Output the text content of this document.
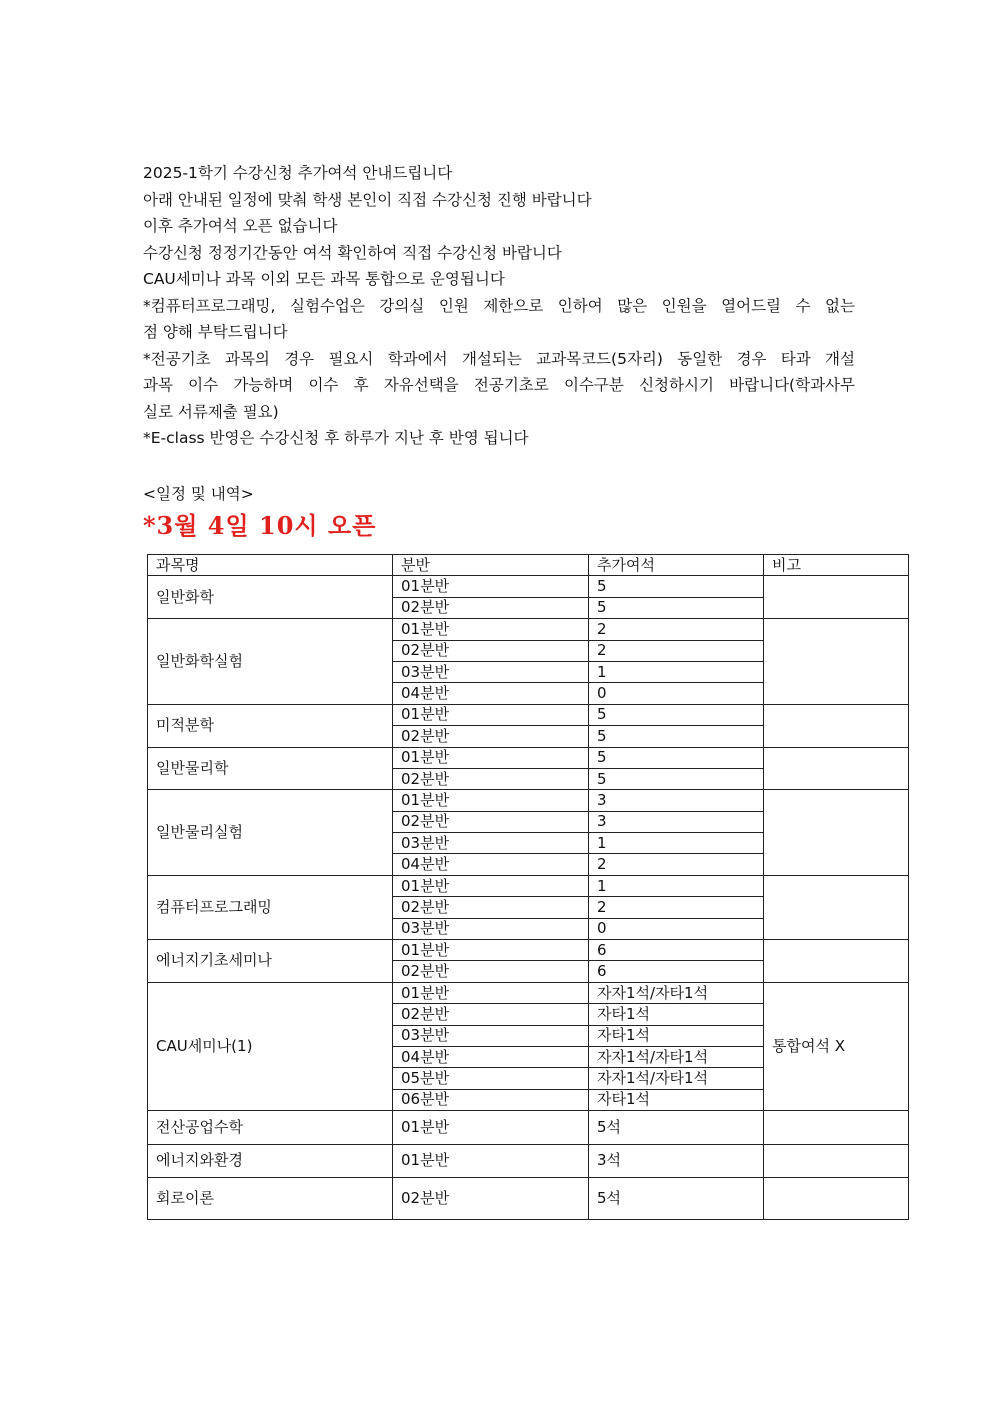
2025-1학기 수강신청 추가여석 안내드립니다
아래 안내된 일정에 맞춰 학생 본인이 직접 수강신청 진행 바랍니다
이후 추가여석 오픈 없습니다
수강신청 정정기간동안 여석 확인하여 직접 수강신청 바랍니다
CAU세미나 과목 이외 모든 과목 통합으로 운영됩니다
*컴퓨터프로그래밍, 실험수업은 강의실 인원 제한으로 인하여 많은 인원을 열어드릴 수 없는
점 양해 부탁드립니다
*전공기초 과목의 경우 필요시 학과에서 개설되는 교과목코드(5자리) 동일한 경우 타과 개설
과목 이수 가능하며 이수 후 자유선택을 전공기초로 이수구분 신청하시기 바랍니다(학과사무
실로 서류제출 필요)
*E-class 반영은 수강신청 후 하루가 지난 후 반영 됩니다
<일정 및 내역>
*3월 4일 10시 오픈
과목명	분반	추가여석	비고
일반화학	01분반	5	
	02분반	5	
일반화학실험	01분반	2	
	02분반	2	
	03분반	1	
	04분반	0	
미적분학	01분반	5	
	02분반	5	
일반물리학	01분반	5	
	02분반	5	
일반물리실험	01분반	3	
	02분반	3	
	03분반	1	
	04분반	2	
컴퓨터프로그래밍	01분반	1	
	02분반	2	
	03분반	0	
에너지기초세미나	01분반	6	
	02분반	6	
CAU세미나(1)	01분반	자자1석/자타1석	통합여석 X
	02분반	자타1석	
	03분반	자타1석	
	04분반	자자1석/자타1석	
	05분반	자자1석/자타1석	
	06분반	자타1석	
전산공업수학	01분반	5석	
에너지와환경	01분반	3석	
회로이론	02분반	5석	
